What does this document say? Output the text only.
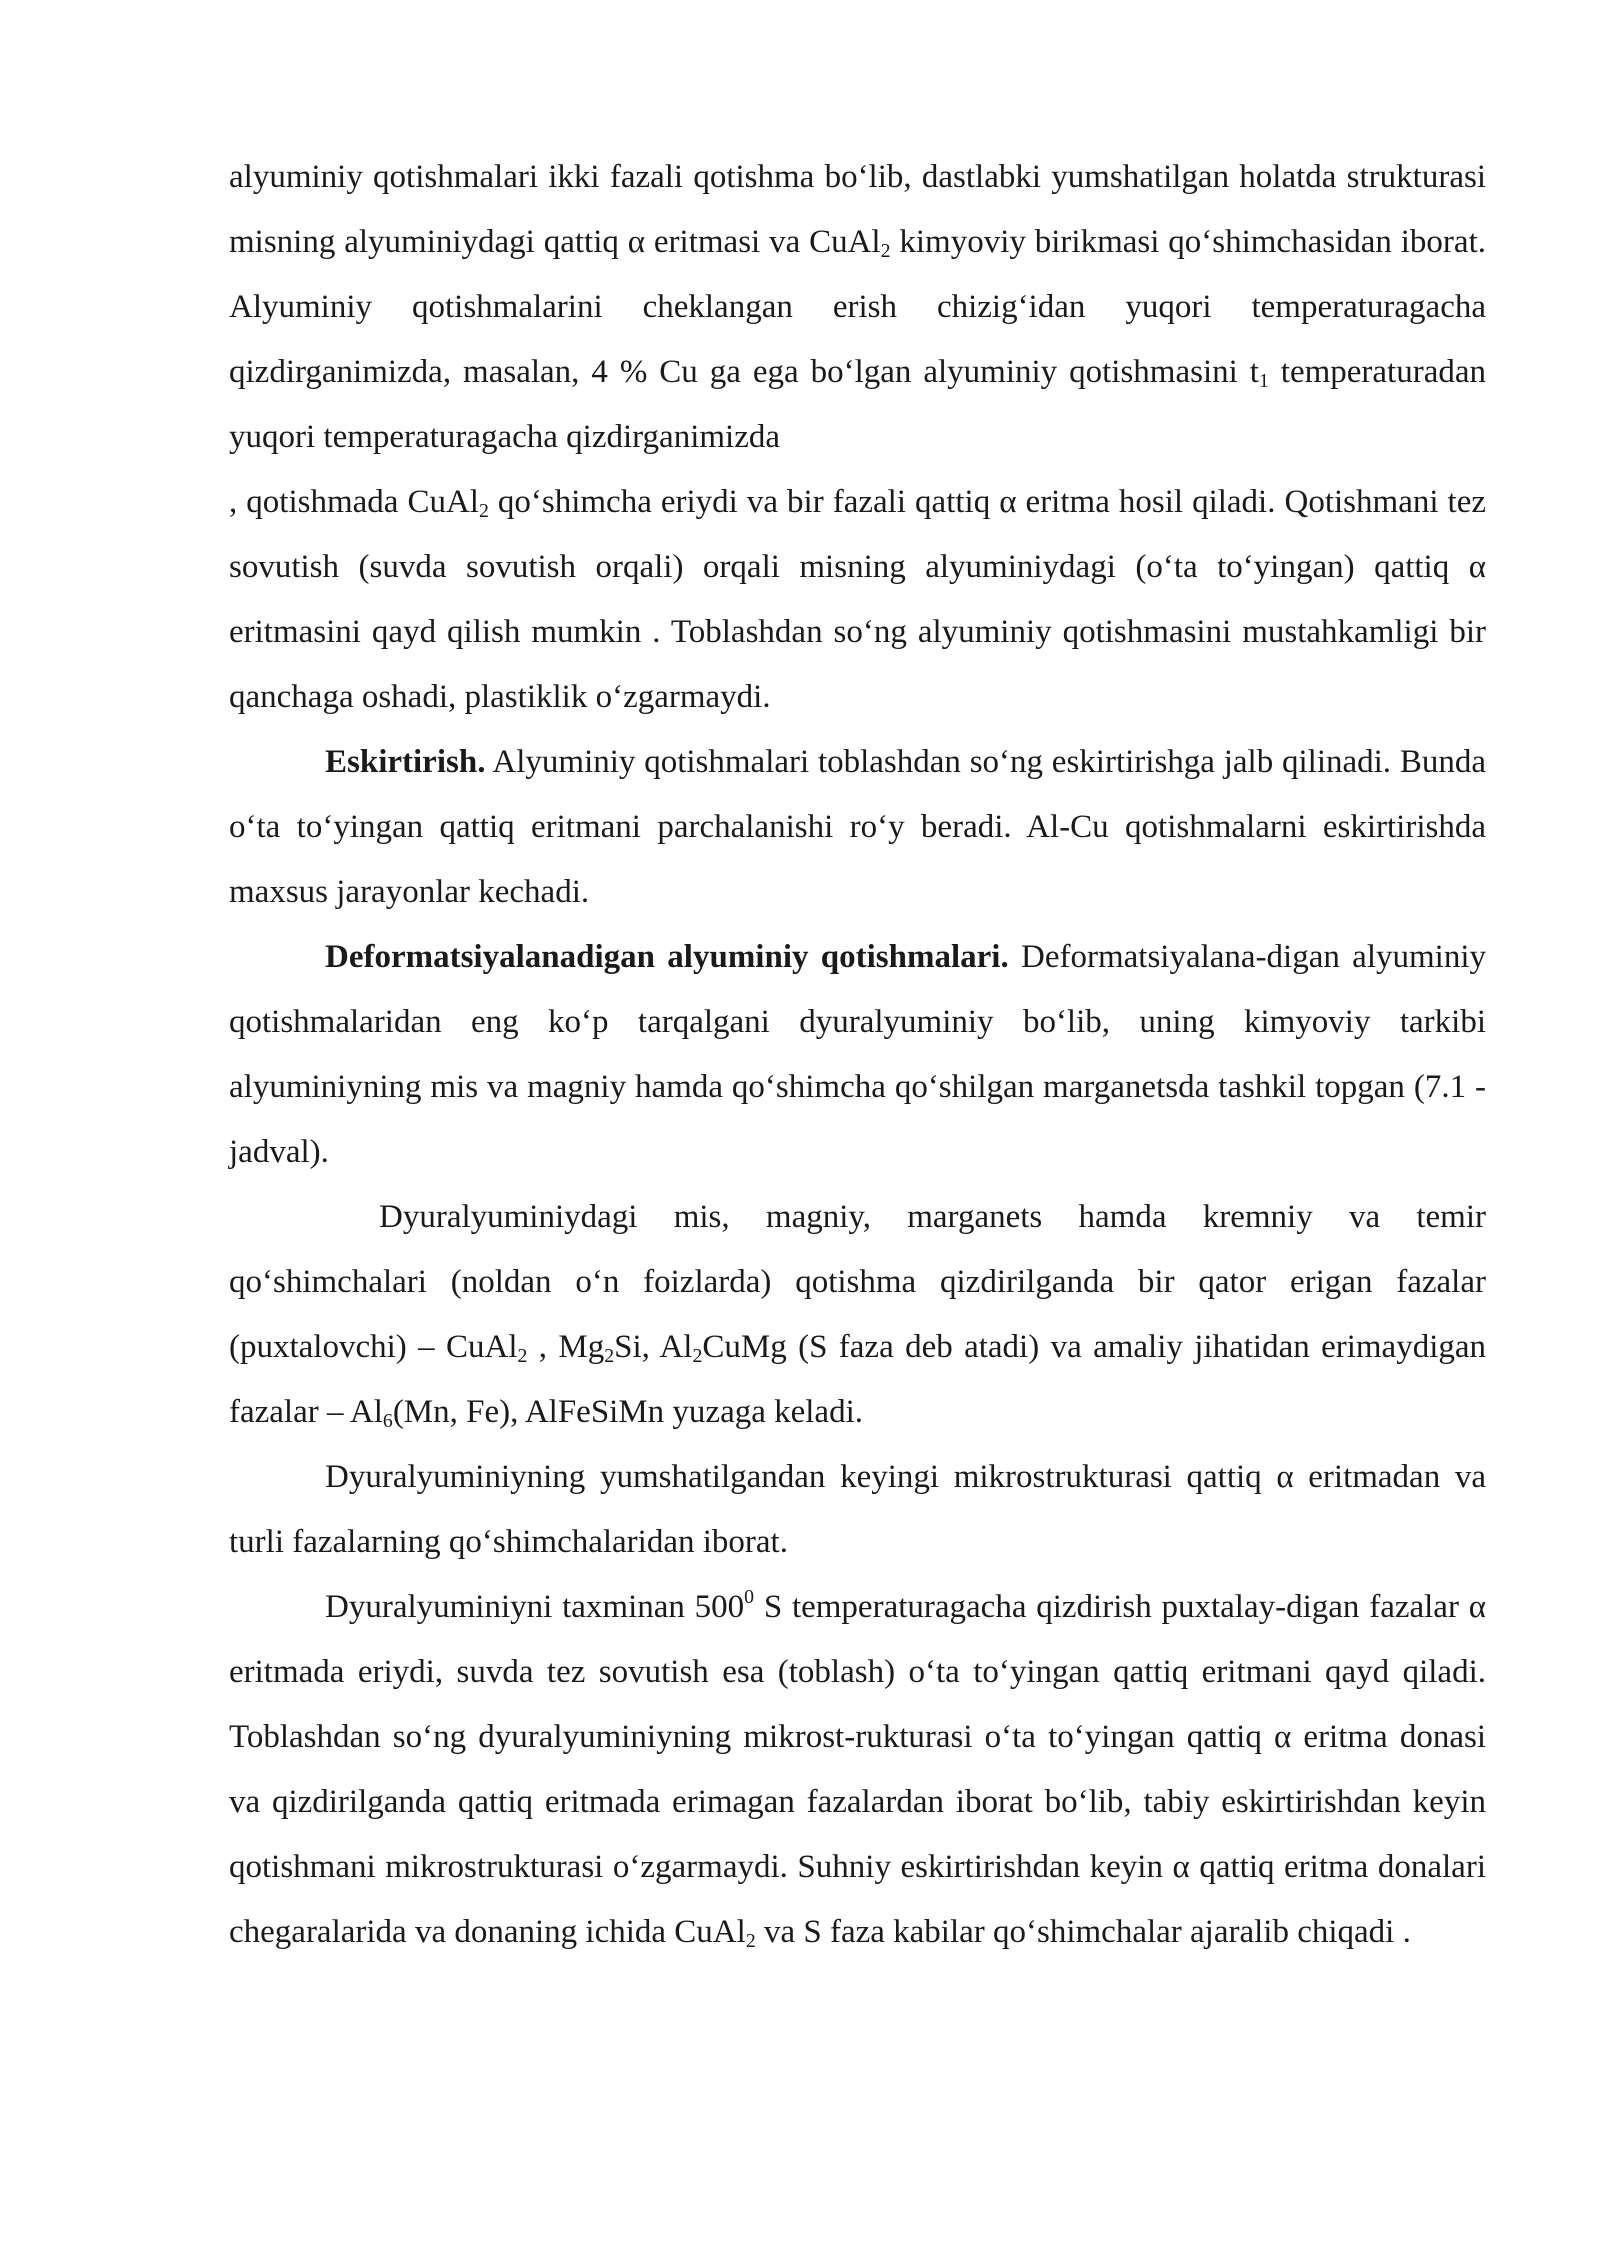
alyuminiy qotishmalari ikki fazali qotishma bo‘lib, dastlabki yumshatilgan holatda strukturasi misning alyuminiydagi qattiq α eritmasi va CuAl$_2$ kimyoviy birikmasi qo‘shimchasidan iborat. Alyuminiy qotishmalarini cheklangan erish chizig‘idan yuqori temperaturagacha qizdirganimizda, masalan, 4 % Cu ga ega bo‘lgan alyuminiy qotishmasini $t_1$ temperaturadan yuqori temperaturagacha qizdirganimizda

, qotishmada CuAl$_2$ qo‘shimcha eriydi va bir fazali qattiq α eritma hosil qiladi. Qotishmani tez sovutish (suvda sovutish orqali) orqali misning alyuminiydagi (o‘ta to‘yingan) qattiq α eritmasini qayd qilish mumkin . Toblashdan so‘ng alyuminiy qotishmasini mustahkamligi bir qanchaga oshadi, plastiklik o‘zgarmaydi.

Eskirtirish. Alyuminiy qotishmalari toblashdan so‘ng eskirtirishga jalb qilinadi. Bunda o‘ta to‘yingan qattiq eritmani parchalanishi ro‘y beradi. Al-Cu qotishmalarni eskirtirishda maxsus jarayonlar kechadi.

Deformatsiyalanadigan alyuminiy qotishmalari. Deformatsiyalana-digan alyuminiy qotishmalaridan eng ko‘p tarqalgani dyuralyuminiy bo‘lib, uning kimyoviy tarkibi alyuminiyning mis va magniy hamda qo‘shimcha qo‘shilgan marganetsda tashkil topgan (7.1 - jadval).

Dyuralyuminiydagi mis, magniy, marganets hamda kremniy va temir qo‘shimchalari (noldan o‘n foizlarda) qotishma qizdirilganda bir qator erigan fazalar (puxtalovchi) – CuAl$_2$ , $Mg_2Si$, $Al_2CuMg$ (S faza deb atadi) va amaliy jihatidan erimaydigan fazalar – $Al_6(Mn$, Fe), AlFeSiMn yuzaga keladi.

Dyuralyuminiyning yumshatilgandan keyingi mikrostrukturasi qattiq α eritmadan va turli fazalarning qo‘shimchalaridan iborat.

Dyuralyuminiyni taxminan $500^0$ S temperaturagacha qizdirish puxtalay-digan fazalar α eritmada eriydi, suvda tez sovutish esa (toblash) o‘ta to‘yingan qattiq eritmani qayd qiladi. Toblashdan so‘ng dyuralyuminiyning mikrost-rukturasi o‘ta to‘yingan qattiq α eritma donasi va qizdirilganda qattiq eritmada erimagan fazalardan iborat bo‘lib, tabiy eskirtirishdan keyin qotishmani mikrostrukturasi o‘zgarmaydi. Suhniy eskirtirishdan keyin α qattiq eritma donalari chegaralarida va donaning ichida CuAl$_2$ va S faza kabilar qo‘shimchalar ajaralib chiqadi .
